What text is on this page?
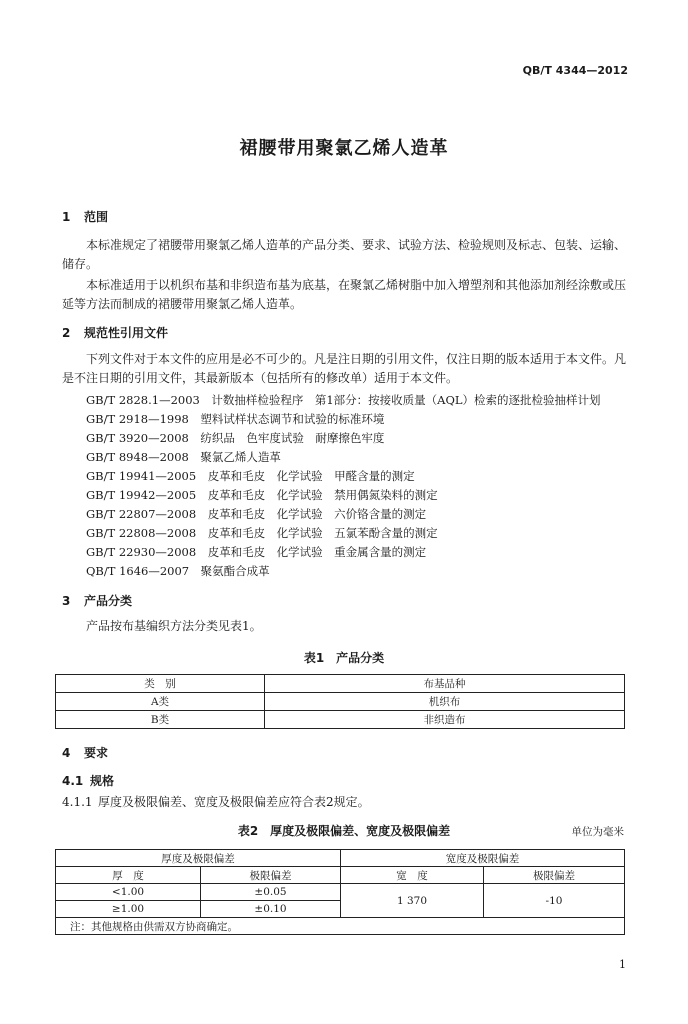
QB/T 4344—2012
裙腰带用聚氯乙烯人造革
1 范围
本标准规定了裙腰带用聚氯乙烯人造革的产品分类、要求、试验方法、检验规则及标志、包装、运输、储存。
本标准适用于以机织布基和非织造布基为底基，在聚氯乙烯树脂中加入增塑剂和其他添加剂经涂敷或压延等方法而制成的裙腰带用聚氯乙烯人造革。
2 规范性引用文件
下列文件对于本文件的应用是必不可少的。凡是注日期的引用文件，仅注日期的版本适用于本文件。凡是不注日期的引用文件，其最新版本（包括所有的修改单）适用于本文件。
GB/T 2828.1—2003　计数抽样检验程序　第1部分：按接收质量（AQL）检索的逐批检验抽样计划
GB/T 2918—1998　塑料试样状态调节和试验的标准环境
GB/T 3920—2008　纺织品　色牢度试验　耐摩擦色牢度
GB/T 8948—2008　聚氯乙烯人造革
GB/T 19941—2005　皮革和毛皮　化学试验　甲醛含量的测定
GB/T 19942—2005　皮革和毛皮　化学试验　禁用偶氮染料的测定
GB/T 22807—2008　皮革和毛皮　化学试验　六价铬含量的测定
GB/T 22808—2008　皮革和毛皮　化学试验　五氯苯酚含量的测定
GB/T 22930—2008　皮革和毛皮　化学试验　重金属含量的测定
QB/T 1646—2007　聚氨酯合成革
3 产品分类
产品按布基编织方法分类见表1。
表1　产品分类
类　别	布基品种
A类	机织布
B类	非织造布
4 要求
4.1 规格
4.1.1 厚度及极限偏差、宽度及极限偏差应符合表2规定。
表2　厚度及极限偏差、宽度及极限偏差	单位为毫米
厚度及极限偏差		宽度及极限偏差	
厚　度	极限偏差	宽　度	极限偏差
<1.00	±0.05	1 370	-10
≥1.00	±0.10		
注：其他规格由供需双方协商确定。			
1
